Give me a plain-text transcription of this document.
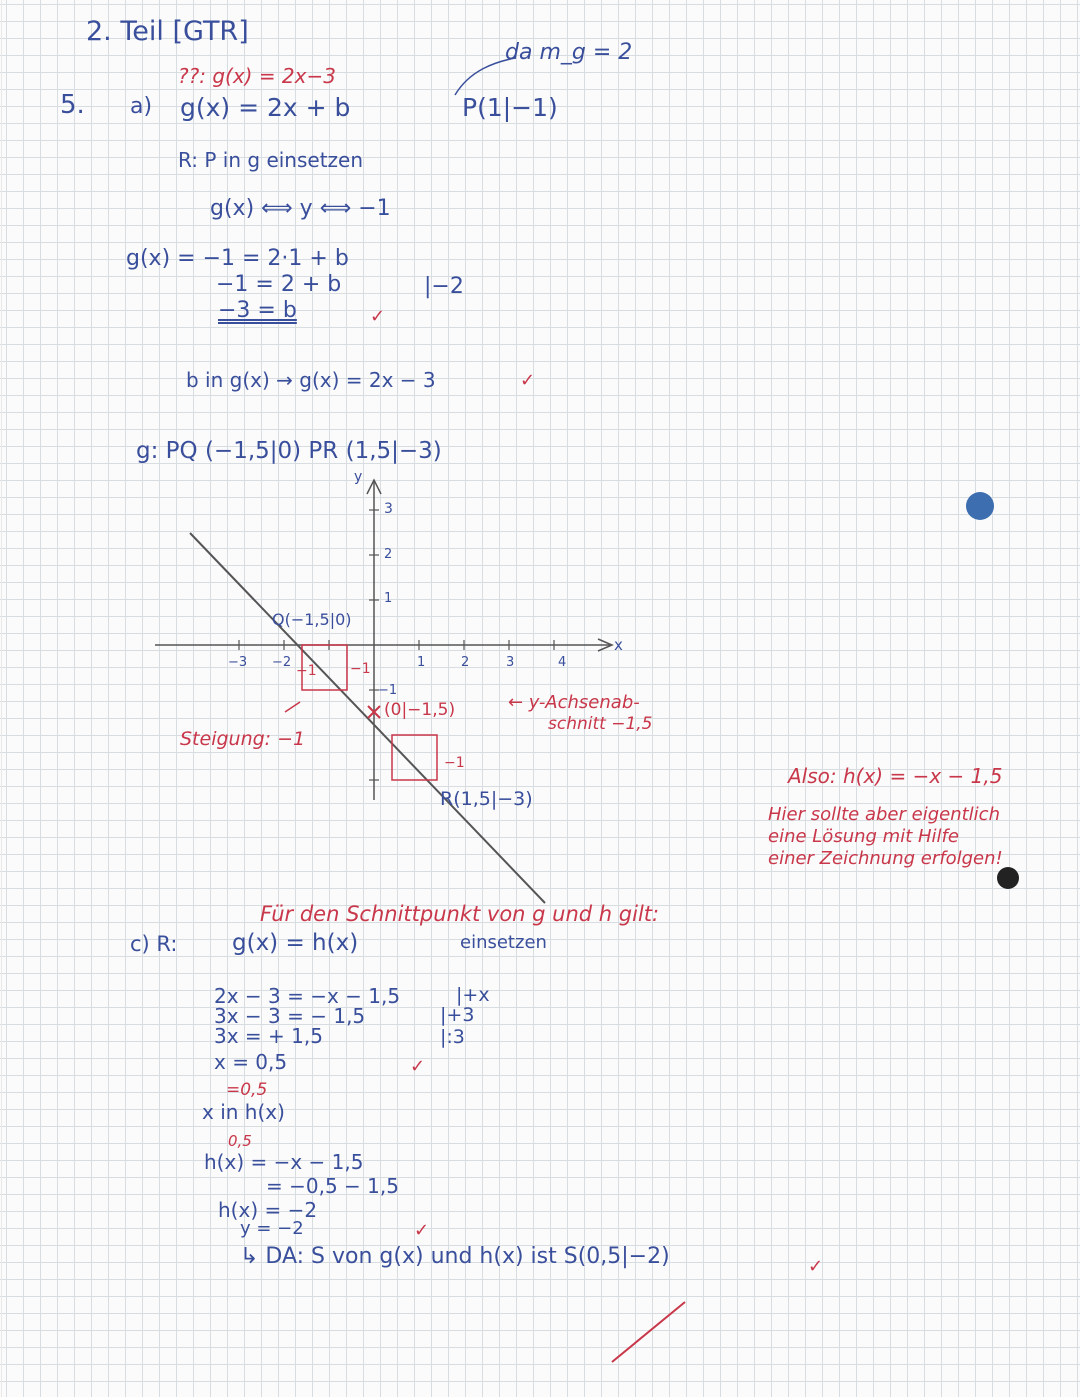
2. Teil [GTR]
5.
??: g(x) = 2x−3
da m_g = 2
a) g(x) = 2x + b	P(1|−1)
R: P in g einsetzen
g(x) ⟺ y ⟺ −1
g(x) = −1 = 2·1 + b
−1 = 2 + b	|−2
−3 = b	✓
b in g(x) → g(x) = 2x − 3	✓
g: PQ (−1,5|0) PR (1,5|−3)
y
x
3
2
1
−1
−3 −2	1	2	3	4
Q(−1,5|0)
R(1,5|−3)
Steigung: −1
(0|−1,5)	← y-Achsenab-
schnitt −1,5
−1 −1
−1
Also: h(x) = −x − 1,5
Hier sollte aber eigentlich
eine Lösung mit Hilfe
einer Zeichnung erfolgen!
Für den Schnittpunkt von g und h gilt:
c) R: g(x) = h(x)	einsetzen
2x − 3 = −x − 1,5
3x − 3 = − 1,5
3x = + 1,5
x = 0,5
|+x
|+3
|:3
✓
=0,5
x in h(x)
0,5
h(x) = −x − 1,5
= −0,5 − 1,5
h(x) = −2
y = −2	✓
↳ DA: S von g(x) und h(x) ist S(0,5|−2)	✓
